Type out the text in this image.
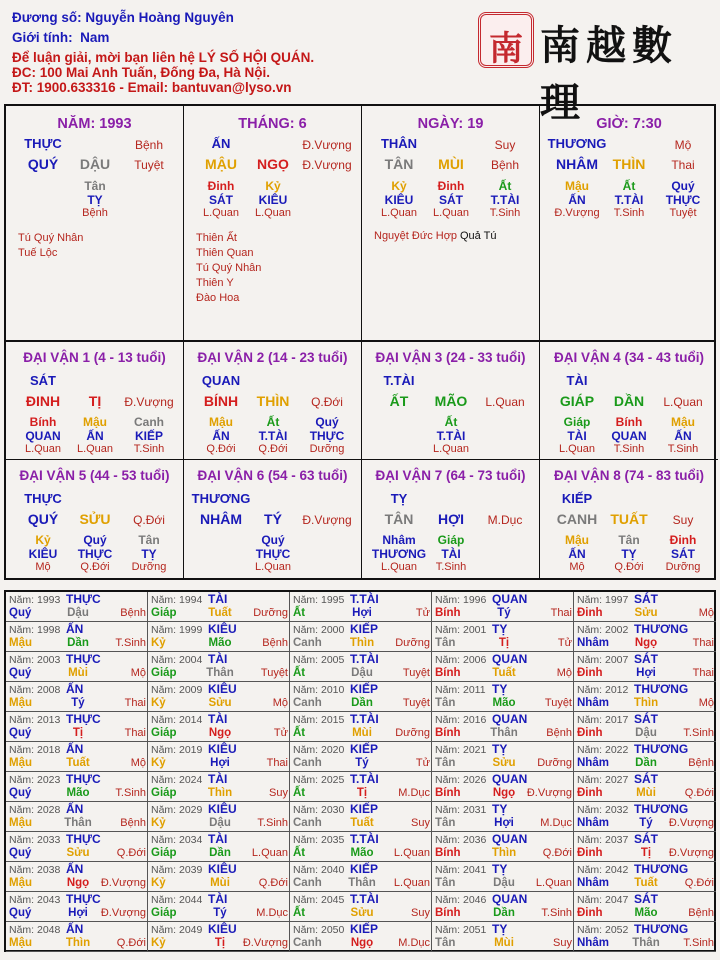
Đương số: Nguyễn Hoàng Nguyên
Giới tính: Nam
Để luận giải, mời bạn liên hệ LÝ SỐ HỘI QUÁN.
ĐC: 100 Mai Anh Tuấn, Đống Đa, Hà Nội.
ĐT: 1900.633316 - Email: bantuvan@lyso.vn
南 南越數理
NĂM: 1993
THỰC	Bệnh
QUÝ	DẬU	Tuyệt
Tân
TỴ
Bệnh
Tú Quý Nhân
Tuế Lộc
THÁNG: 6
ẤN	Đ.Vượng
MẬU	NGỌ	Đ.Vượng
Đinh
SÁT
L.Quan
Kỷ
KIÊU
L.Quan
Thiên Ất
Thiên Quan
Tú Quý Nhân
Thiên Y
Đào Hoa
NGÀY: 19
THÂN	Suy
TÂN	MÙI	Bệnh
Kỷ
KIÊU
L.Quan
Đinh
SÁT
L.Quan
Ất
T.TÀI
T.Sinh
Nguyệt Đức Hợp Quả Tú
GIỜ: 7:30
THƯƠNG	Mộ
NHÂM	THÌN	Thai
Mậu
ẤN
Đ.Vượng
Ất
T.TÀI
T.Sinh
Quý
THỰC
Tuyệt
ĐẠI VẬN 1 (4 - 13 tuổi)
SÁT
ĐINH	TỊ	Đ.Vượng
Bính
QUAN
L.Quan
Mậu
ẤN
L.Quan
Canh
KIẾP
T.Sinh
ĐẠI VẬN 2 (14 - 23 tuổi)
QUAN
BÍNH	THÌN	Q.Đới
Mậu
ẤN
Q.Đới
Ất
T.TÀI
Q.Đới
Quý
THỰC
Dưỡng
ĐẠI VẬN 3 (24 - 33 tuổi)
T.TÀI
ẤT	MÃO	L.Quan
Ất
T.TÀI
L.Quan
ĐẠI VẬN 4 (34 - 43 tuổi)
TÀI
GIÁP	DẦN	L.Quan
Giáp
TÀI
L.Quan
Bính
QUAN
T.Sinh
Mậu
ẤN
T.Sinh
ĐẠI VẬN 5 (44 - 53 tuổi)
THỰC
QUÝ	SỬU	Q.Đới
Kỷ
KIÊU
Mộ
Quý
THỰC
Q.Đới
Tân
TỴ
Dưỡng
ĐẠI VẬN 6 (54 - 63 tuổi)
THƯƠNG
NHÂM	TÝ	Đ.Vượng
Quý
THỰC
L.Quan
ĐẠI VẬN 7 (64 - 73 tuổi)
TỴ
TÂN	HỢI	M.Dục
Nhâm
THƯƠNG
L.Quan
Giáp
TÀI
T.Sinh
ĐẠI VẬN 8 (74 - 83 tuổi)
KIẾP
CANH TUẤT	Suy
Mậu
ẤN
Mộ
Tân
TỴ
Q.Đới
Đinh
SÁT
Dưỡng
Năm: 1993 THỰC
Quý	Dậu	Bệnh
Năm: 1994 TÀI
Giáp	Tuất	Dưỡng
Năm: 1995 T.TÀI
Ất	Hợi	Tử
Năm: 1996 QUAN
Bính	Tý	Thai
Năm: 1997 SÁT
Đinh	Sửu	Mộ
Năm: 1998 ẤN
Mậu	Dần	T.Sinh
Năm: 1999 KIÊU
Kỷ	Mão	Bệnh
Năm: 2000 KIẾP
Canh	Thìn	Dưỡng
Năm: 2001 TỴ
Tân	Tị	Tử
Năm: 2002 THƯƠNG
Nhâm	Ngọ	Thai
Năm: 2003 THỰC
Quý	Mùi	Mộ
Năm: 2004 TÀI
Giáp	Thân	Tuyệt
Năm: 2005 T.TÀI
Ất	Dậu	Tuyệt
Năm: 2006 QUAN
Bính	Tuất	Mộ
Năm: 2007 SÁT
Đinh	Hợi	Thai
Năm: 2008 ẤN
Mậu	Tý	Thai
Năm: 2009 KIÊU
Kỷ	Sửu	Mộ
Năm: 2010 KIẾP
Canh	Dần	Tuyệt
Năm: 2011 TỴ
Tân	Mão	Tuyệt
Năm: 2012 THƯƠNG
Nhâm	Thìn	Mộ
Năm: 2013 THỰC
Quý	Tị	Thai
Năm: 2014 TÀI
Giáp	Ngọ	Tử
Năm: 2015 T.TÀI
Ất	Mùi	Dưỡng
Năm: 2016 QUAN
Bính	Thân	Bệnh
Năm: 2017 SÁT
Đinh	Dậu	T.Sinh
Năm: 2018 ẤN
Mậu	Tuất	Mộ
Năm: 2019 KIÊU
Kỷ	Hợi	Thai
Năm: 2020 KIẾP
Canh	Tý	Tử
Năm: 2021 TỴ
Tân	Sửu	Dưỡng
Năm: 2022 THƯƠNG
Nhâm	Dần	Bệnh
Năm: 2023 THỰC
Quý	Mão	T.Sinh
Năm: 2024 TÀI
Giáp	Thìn	Suy
Năm: 2025 T.TÀI
Ất	Tị	M.Dục
Năm: 2026 QUAN
Bính	Ngọ	Đ.Vượng
Năm: 2027 SÁT
Đinh	Mùi	Q.Đới
Năm: 2028 ẤN
Mậu	Thân	Bệnh
Năm: 2029 KIÊU
Kỷ	Dậu	T.Sinh
Năm: 2030 KIẾP
Canh	Tuất	Suy
Năm: 2031 TỴ
Tân	Hợi	M.Dục
Năm: 2032 THƯƠNG
Nhâm	Tý	Đ.Vượng
Năm: 2033 THỰC
Quý	Sửu	Q.Đới
Năm: 2034 TÀI
Giáp	Dần	L.Quan
Năm: 2035 T.TÀI
Ất	Mão	L.Quan
Năm: 2036 QUAN
Bính	Thìn	Q.Đới
Năm: 2037 SÁT
Đinh	Tị	Đ.Vượng
Năm: 2038 ẤN
Mậu	Ngọ	Đ.Vượng
Năm: 2039 KIÊU
Kỷ	Mùi	Q.Đới
Năm: 2040 KIẾP
Canh	Thân	L.Quan
Năm: 2041 TỴ
Tân	Dậu	L.Quan
Năm: 2042 THƯƠNG
Nhâm	Tuất	Q.Đới
Năm: 2043 THỰC
Quý	Hợi	Đ.Vượng
Năm: 2044 TÀI
Giáp	Tý	M.Dục
Năm: 2045 T.TÀI
Ất	Sửu	Suy
Năm: 2046 QUAN
Bính	Dần	T.Sinh
Năm: 2047 SÁT
Đinh	Mão	Bệnh
Năm: 2048 ẤN
Mậu	Thìn	Q.Đới
Năm: 2049 KIÊU
Kỷ	Tị	Đ.Vượng
Năm: 2050 KIẾP
Canh	Ngọ	M.Dục
Năm: 2051 TỴ
Tân	Mùi	Suy
Năm: 2052 THƯƠNG
Nhâm	Thân	T.Sinh
